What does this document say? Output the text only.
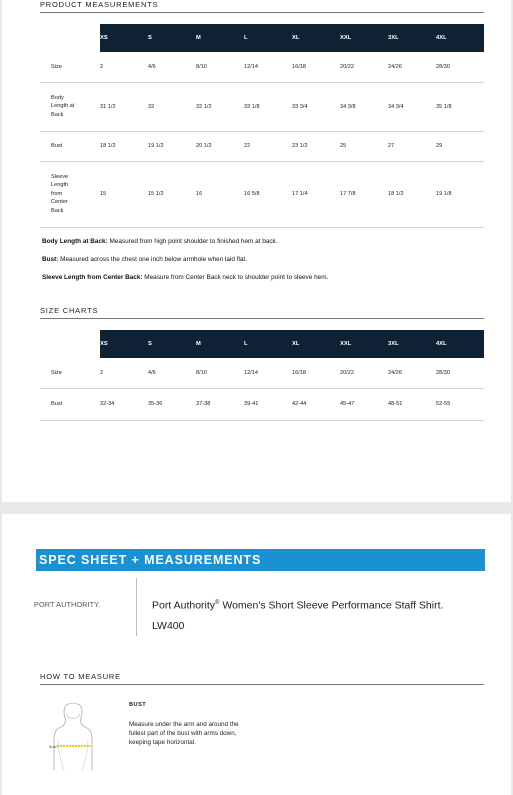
PRODUCT MEASUREMENTS
	XS	S	M	L	XL	XXL	3XL	4XL

Size	2	4/6	8/10	12/14	16/18	20/22	24/26	28/30

Body
Length at
Back	31 1/2	32	32 1/2	33 1/8	33 3/4	34 3/8	34 3/4	35 1/8

Bust	18 1/2	19 1/2	20 1/2	22	23 1/2	25	27	29

Sleeve
Length
from
Center
Back	15	15 1/2	16	16 5/8	17 1/4	17 7/8	18 1/2	19 1/8
Body Length at Back: Measured from high point shoulder to finished hem at back.
Bust: Measured across the chest one inch below armhole when laid flat.
Sleeve Length from Center Back: Measure from Center Back neck to shoulder point to sleeve hem.
SIZE CHARTS
	XS	S	M	L	XL	XXL	3XL	4XL

Size	2	4/6	8/10	12/14	16/18	20/22	24/26	28/30

Bust	32-34	35-36	37-38	39-41	42-44	45-47	48-51	52-55
SPEC SHEET + MEASUREMENTS
PORT AUTHORITY.	Port Authority® Women's Short Sleeve Performance Staff Shirt. LW400
HOW TO MEASURE
Bust
BUST
Measure under the arm and around the fullest part of the bust with arms down, keeping tape horizontal.
